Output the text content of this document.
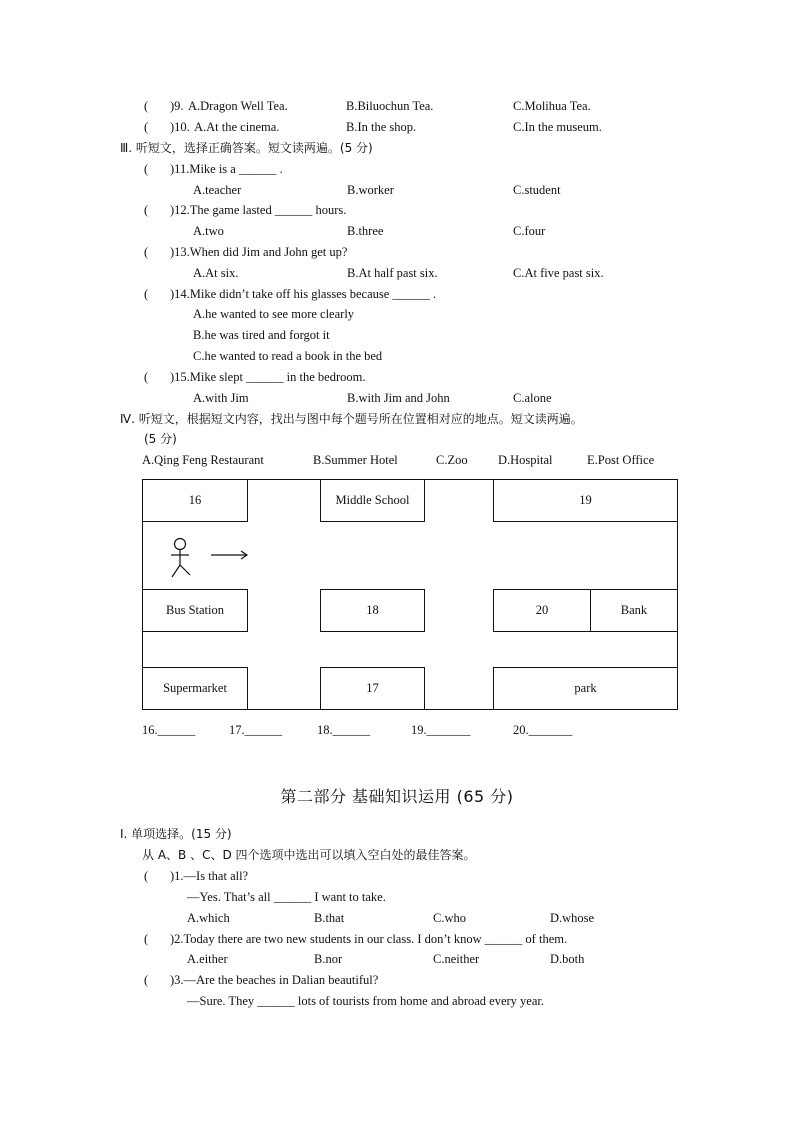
( )9. A.Dragon Well Tea.	B.Biluochun Tea.	C.Molihua Tea.
( )10. A.At the cinema.	B.In the shop.	C.In the museum.
Ⅲ. 听短文，选择正确答案。短文读两遍。(5 分)
( )11.Mike is a ______ .
A.teacher	B.worker	C.student
( )12.The game lasted ______ hours.
A.two	B.three	C.four
( )13.When did Jim and John get up?
A.At six.	B.At half past six.	C.At five past six.
( )14.Mike didn’t take off his glasses because ______ .
A.he wanted to see more clearly
B.he was tired and forgot it
C.he wanted to read a book in the bed
( )15.Mike slept ______ in the bedroom.
A.with Jim	B.with Jim and John	C.alone
Ⅳ. 听短文，根据短文内容，找出与图中每个题号所在位置相对应的地点。短文读两遍。
(5 分)
A.Qing Feng Restaurant	B.Summer Hotel	C.Zoo D.Hospital	E.Post Office
16	Middle School	19
Bus Station	18	20	Bank
Supermarket	17	park
16.______	17.______	18.______	19._______	20._______
第二部分 基础知识运用 (65 分)
Ⅰ. 单项选择。(15 分)
从 A、B 、C、D 四个选项中选出可以填入空白处的最佳答案。
( )1.—Is that all?
—Yes. That’s all ______ I want to take.
A.which	B.that	C.who	D.whose
( )2.Today there are two new students in our class. I don’t know ______ of them.
A.either	B.nor	C.neither	D.both
( )3.—Are the beaches in Dalian beautiful?
—Sure. They ______ lots of tourists from home and abroad every year.
